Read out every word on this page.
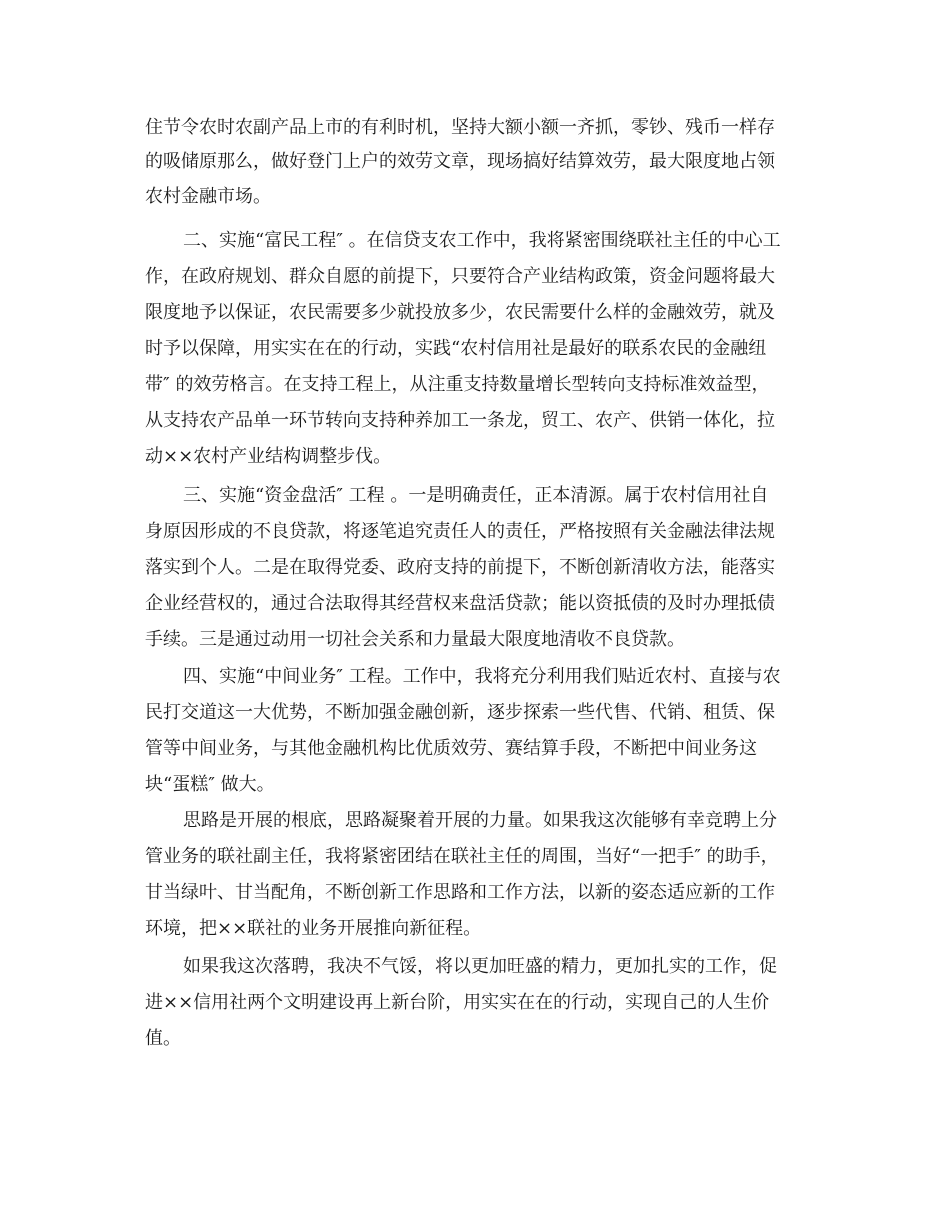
住节令农时农副产品上市的有利时机，坚持大额小额一齐抓，零钞、残币一样存
的吸储原那么，做好登门上户的效劳文章，现场搞好结算效劳，最大限度地占领
农村金融市场。
二、实施“富民工程″ 。在信贷支农工作中，我将紧密围绕联社主任的中心工
作，在政府规划、群众自愿的前提下，只要符合产业结构政策，资金问题将最大
限度地予以保证，农民需要多少就投放多少，农民需要什么样的金融效劳，就及
时予以保障，用实实在在的行动，实践“农村信用社是最好的联系农民的金融纽
带″ 的效劳格言。在支持工程上，从注重支持数量增长型转向支持标准效益型，
从支持农产品单一环节转向支持种养加工一条龙，贸工、农产、供销一体化，拉
动××农村产业结构调整步伐。
三、实施“资金盘活″ 工程 。一是明确责任，正本清源。属于农村信用社自
身原因形成的不良贷款，将逐笔追究责任人的责任，严格按照有关金融法律法规
落实到个人。二是在取得党委、政府支持的前提下，不断创新清收方法，能落实
企业经营权的，通过合法取得其经营权来盘活贷款；能以资抵债的及时办理抵债
手续。三是通过动用一切社会关系和力量最大限度地清收不良贷款。
四、实施“中间业务″ 工程。工作中，我将充分利用我们贴近农村、直接与农
民打交道这一大优势，不断加强金融创新，逐步探索一些代售、代销、租赁、保
管等中间业务，与其他金融机构比优质效劳、赛结算手段，不断把中间业务这
块“蛋糕″ 做大。
思路是开展的根底，思路凝聚着开展的力量。如果我这次能够有幸竞聘上分
管业务的联社副主任，我将紧密团结在联社主任的周围，当好“一把手″ 的助手，
甘当绿叶、甘当配角，不断创新工作思路和工作方法，以新的姿态适应新的工作
环境，把××联社的业务开展推向新征程。
如果我这次落聘，我决不气馁，将以更加旺盛的精力，更加扎实的工作，促
进××信用社两个文明建设再上新台阶，用实实在在的行动，实现自己的人生价
值。
